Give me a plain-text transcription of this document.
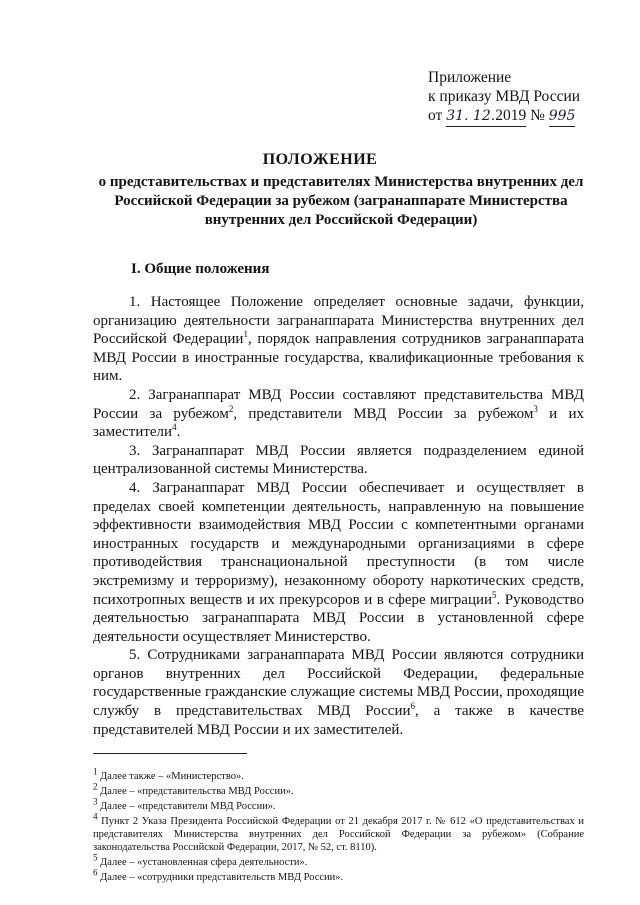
Приложение
к приказу МВД России
от 31. 12.2019 № 995
ПОЛОЖЕНИЕ
о представительствах и представителях Министерства внутренних дел Российской Федерации за рубежом (загранаппарате Министерства внутренних дел Российской Федерации)
I. Общие положения

1. Настоящее Положение определяет основные задачи, функции, организацию деятельности загранаппарата Министерства внутренних дел Российской Федерации$^1$, порядок направления сотрудников загранаппарата МВД России в иностранные государства, квалификационные требования к ним.

2. Загранаппарат МВД России составляют представительства МВД России за рубежом$^2$, представители МВД России за рубежом$^3$ и их заместители$^4$.

3. Загранаппарат МВД России является подразделением единой централизованной системы Министерства.

4. Загранаппарат МВД России обеспечивает и осуществляет в пределах своей компетенции деятельность, направленную на повышение эффективности взаимодействия МВД России с компетентными органами иностранных государств и международными организациями в сфере противодействия транснациональной преступности (в том числе экстремизму и терроризму), незаконному обороту наркотических средств, психотропных веществ и их прекурсоров и в сфере миграции$^5$. Руководство деятельностью загранаппарата МВД России в установленной сфере деятельности осуществляет Министерство.

5. Сотрудниками загранаппарата МВД России являются сотрудники органов внутренних дел Российской Федерации, федеральные государственные гражданские служащие системы МВД России, проходящие службу в представительствах МВД России$^6$, а также в качестве представителей МВД России и их заместителей.

$^1$ Далее также – «Министерство».

$^2$ Далее – «представительства МВД России».

$^3$ Далее – «представители МВД России».

$^4$ Пункт 2 Указа Президента Российской Федерации от 21 декабря 2017 г. № 612 «О представительствах и представителях Министерства внутренних дел Российской Федерации за рубежом» (Собрание законодательства Российской Федерации, 2017, № 52, ст. 8110).

$^5$ Далее – «установленная сфера деятельности».

$^6$ Далее – «сотрудники представительств МВД России».
